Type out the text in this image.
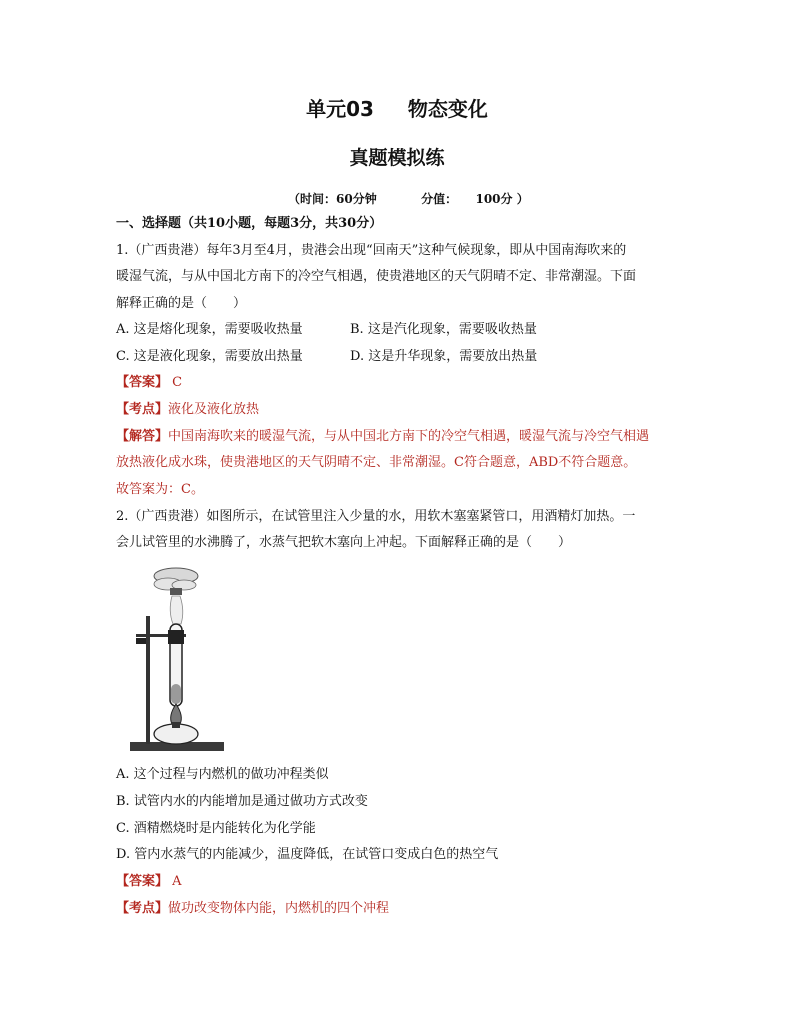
单元03 物态变化
真题模拟练
（时间：60分钟	分值： 100分 ）
一、选择题（共10小题，每题3分，共30分）
1.（广西贵港）每年3月至4月，贵港会出现“回南天”这种气候现象，即从中国南海吹来的
暖湿气流，与从中国北方南下的冷空气相遇，使贵港地区的天气阴晴不定、非常潮湿。下面
解释正确的是（　　）
A. 这是熔化现象，需要吸收热量	B. 这是汽化现象，需要吸收热量
C. 这是液化现象，需要放出热量	D. 这是升华现象，需要放出热量
【答案】 C
【考点】液化及液化放热
【解答】中国南海吹来的暖湿气流，与从中国北方南下的冷空气相遇，暖湿气流与冷空气相遇
放热液化成水珠，使贵港地区的天气阴晴不定、非常潮湿。C符合题意，ABD不符合题意。
故答案为：C。
2.（广西贵港）如图所示，在试管里注入少量的水，用软木塞塞紧管口，用酒精灯加热。一
会儿试管里的水沸腾了，水蒸气把软木塞向上冲起。下面解释正确的是（　　）
A. 这个过程与内燃机的做功冲程类似
B. 试管内水的内能增加是通过做功方式改变
C. 酒精燃烧时是内能转化为化学能
D. 管内水蒸气的内能减少，温度降低，在试管口变成白色的热空气
【答案】 A
【考点】做功改变物体内能，内燃机的四个冲程
